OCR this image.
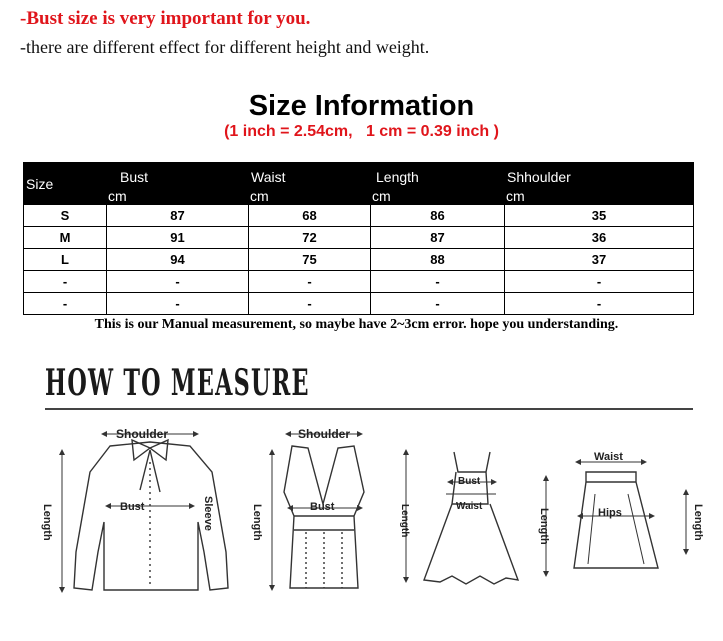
-Bust size is very important for you.
-there are different effect for different height and weight.
Size Information
(1 inch = 2.54cm,   1 cm = 0.39 inch )
Size	Bust	Waist	Length	Shhoulder
	cm	cm	cm	cm
S	87	68	86	35
M	91	72	87	36
L	94	75	88	37
-	-	-	-	-
-	-	-	-	-
This is our Manual measurement, so maybe have 2~3cm error. hope you understanding.
HOW TO MEASURE
Shoulder
Bust	Sleeve
Length
Shoulder
Bust
Length
Bust
Waist
Length
Waist
Hips
Length	Length
